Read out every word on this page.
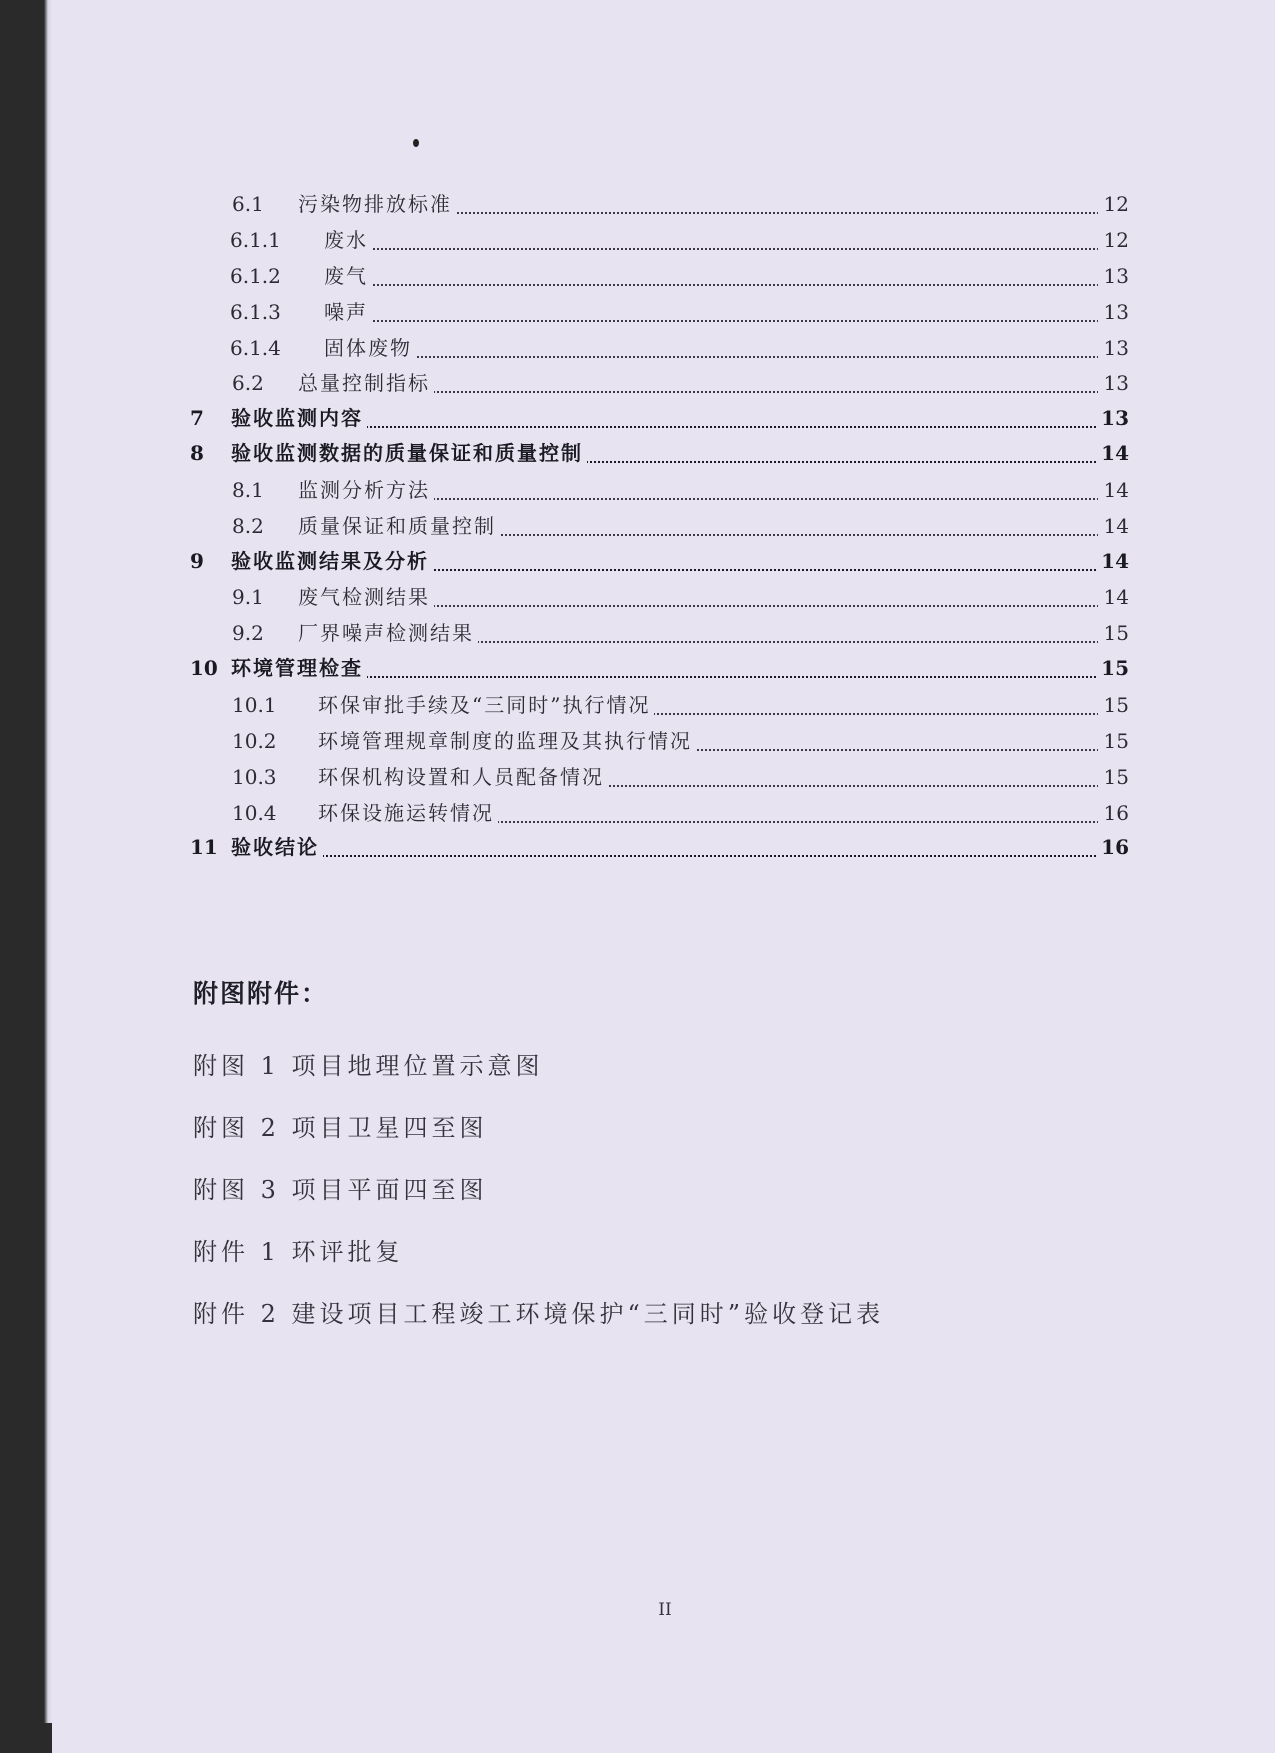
6.1 污染物排放标准	12
6.1.1 废水	12
6.1.2 废气	13
6.1.3 噪声	13
6.1.4 固体废物	13
6.2 总量控制指标	13
7 验收监测内容	13
8 验收监测数据的质量保证和质量控制	14
8.1 监测分析方法	14
8.2 质量保证和质量控制	14
9 验收监测结果及分析	14
9.1 废气检测结果	14
9.2 厂界噪声检测结果	15
10 环境管理检查	15
10.1 环保审批手续及“三同时”执行情况	15
10.2 环境管理规章制度的监理及其执行情况	15
10.3 环保机构设置和人员配备情况	15
10.4 环保设施运转情况	16
11 验收结论	16
附图附件：
附图 1 项目地理位置示意图
附图 2 项目卫星四至图
附图 3 项目平面四至图
附件 1 环评批复
附件 2 建设项目工程竣工环境保护“三同时”验收登记表
II
